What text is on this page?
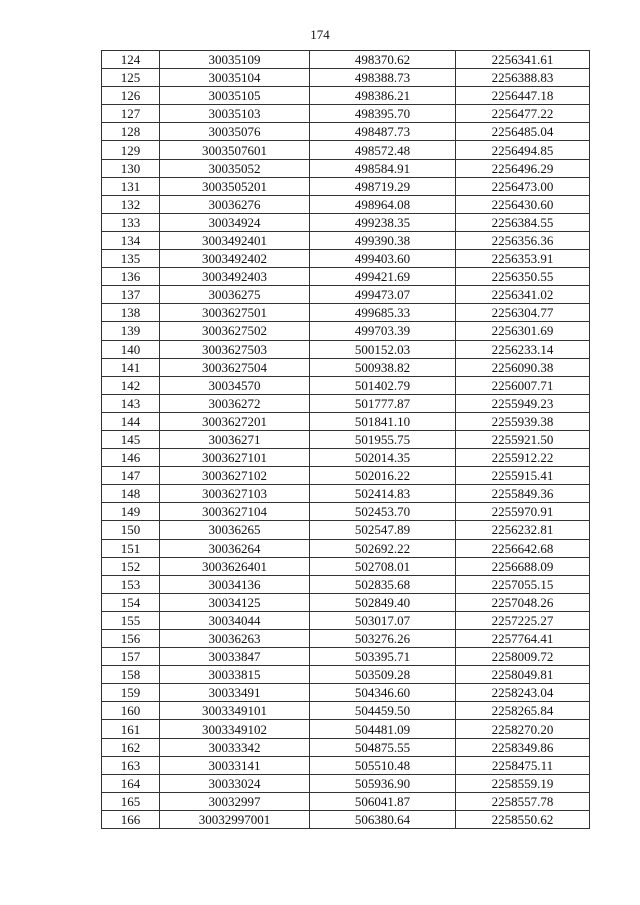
174
124	30035109	498370.62	2256341.61
125	30035104	498388.73	2256388.83
126	30035105	498386.21	2256447.18
127	30035103	498395.70	2256477.22
128	30035076	498487.73	2256485.04
129	3003507601	498572.48	2256494.85
130	30035052	498584.91	2256496.29
131	3003505201	498719.29	2256473.00
132	30036276	498964.08	2256430.60
133	30034924	499238.35	2256384.55
134	3003492401	499390.38	2256356.36
135	3003492402	499403.60	2256353.91
136	3003492403	499421.69	2256350.55
137	30036275	499473.07	2256341.02
138	3003627501	499685.33	2256304.77
139	3003627502	499703.39	2256301.69
140	3003627503	500152.03	2256233.14
141	3003627504	500938.82	2256090.38
142	30034570	501402.79	2256007.71
143	30036272	501777.87	2255949.23
144	3003627201	501841.10	2255939.38
145	30036271	501955.75	2255921.50
146	3003627101	502014.35	2255912.22
147	3003627102	502016.22	2255915.41
148	3003627103	502414.83	2255849.36
149	3003627104	502453.70	2255970.91
150	30036265	502547.89	2256232.81
151	30036264	502692.22	2256642.68
152	3003626401	502708.01	2256688.09
153	30034136	502835.68	2257055.15
154	30034125	502849.40	2257048.26
155	30034044	503017.07	2257225.27
156	30036263	503276.26	2257764.41
157	30033847	503395.71	2258009.72
158	30033815	503509.28	2258049.81
159	30033491	504346.60	2258243.04
160	3003349101	504459.50	2258265.84
161	3003349102	504481.09	2258270.20
162	30033342	504875.55	2258349.86
163	30033141	505510.48	2258475.11
164	30033024	505936.90	2258559.19
165	30032997	506041.87	2258557.78
166	30032997001	506380.64	2258550.62
